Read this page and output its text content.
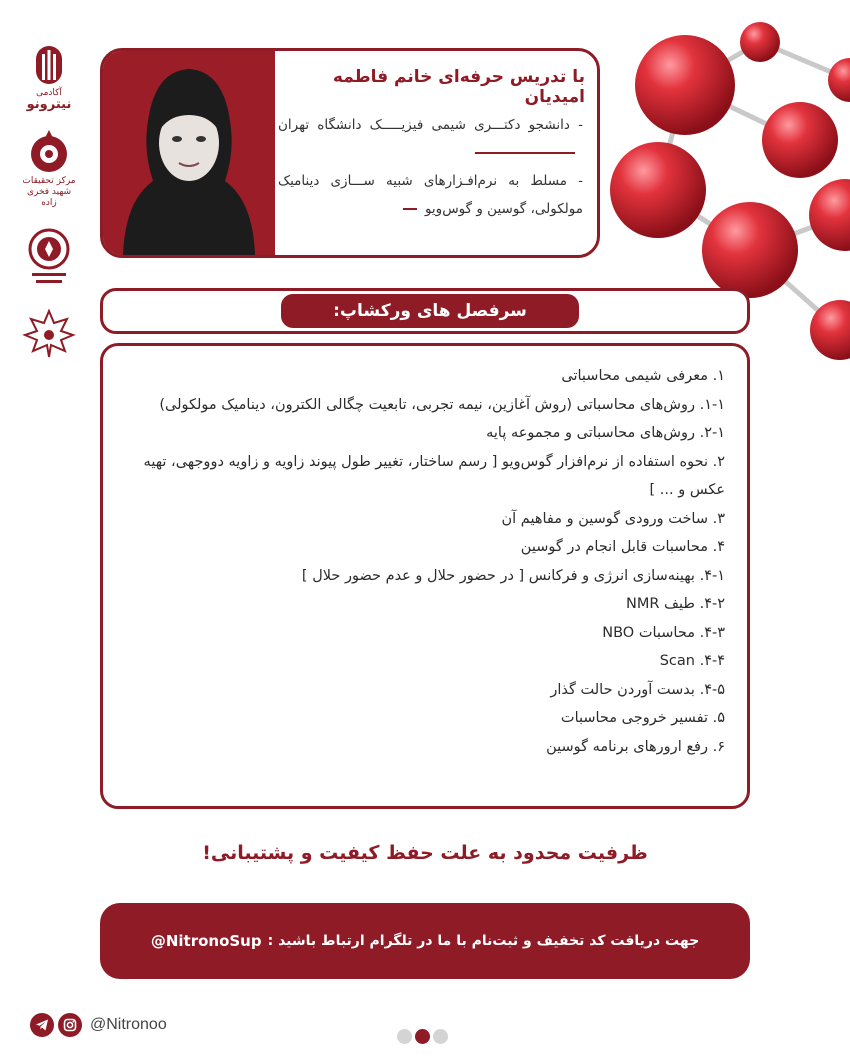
آکادمی
نیترونو
مرکز تحقیقات
شهید فخری زاده
با تدریس حرفه‌ای خانم فاطمه امیدیان

- دانشجو دکتـــری شیمی فیزیـــــک دانشگاه تهران

- مسلط به نرم‌افـزارهای شبیه ســـازی دینامیک مولکولی، گوسین و گوس‌ویو

سرفصل های ورکشاپ:
۱. معرفی شیمی محاسباتی
۱-۱. روش‌های محاسباتی (روش آغازین، نیمه تجربی، تابعیت چگالی الکترون، دینامیک مولکولی)
۲-۱. روش‌های محاسباتی و مجموعه پایه
۲. نحوه استفاده از نرم‌افزار گوس‌ویو [ رسم ساختار، تغییر طول پیوند زاویه و زاویه دووجهی، تهیه عکس و ... ]
۳. ساخت ورودی گوسین و مفاهیم آن
۴. محاسبات قابل انجام در گوسین
۴-۱. بهینه‌سازی انرژی و فرکانس [ در حضور حلال و عدم حضور حلال ]
۴-۲. طیف NMR
۴-۳. محاسبات NBO
۴-۴. Scan
۴-۵. بدست آوردن حالت گذار
۵. تفسیر خروجی محاسبات
۶. رفع ارورهای برنامه گوسین
ظرفیت محدود به علت حفظ کیفیت و پشتیبانی!
جهت دریافت کد تخفیف و ثبت‌نام با ما در تلگرام ارتباط باشید :
@NitronoSup
@Nitronoo
